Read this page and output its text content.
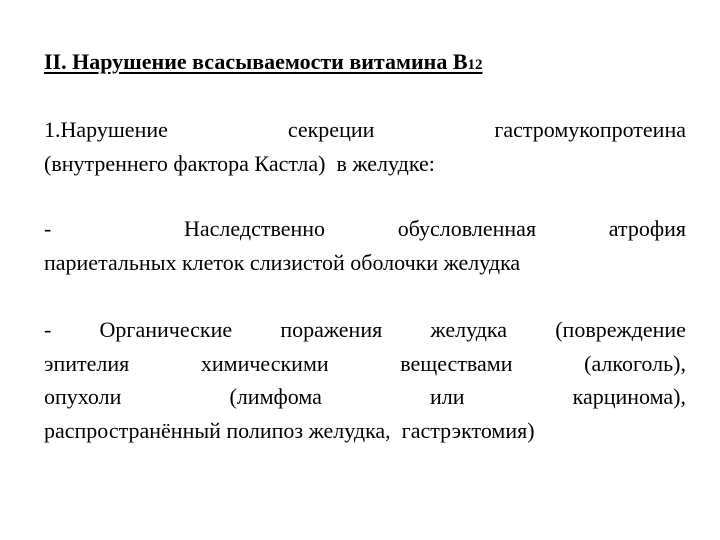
II. Нарушение всасываемости витамина В12
1.Нарушение	секреции	гастромукопротеина
(внутреннего фактора Кастла)  в желудке:
-	Наследственно	обусловленная	атрофия
париетальных клеток слизистой оболочки желудка
- Органические поражения желудка (повреждение
эпителия	химическими	веществами	(алкоголь),
опухоли	(лимфома	или	карцинома),
распространённый полипоз желудка,  гастрэктомия)
